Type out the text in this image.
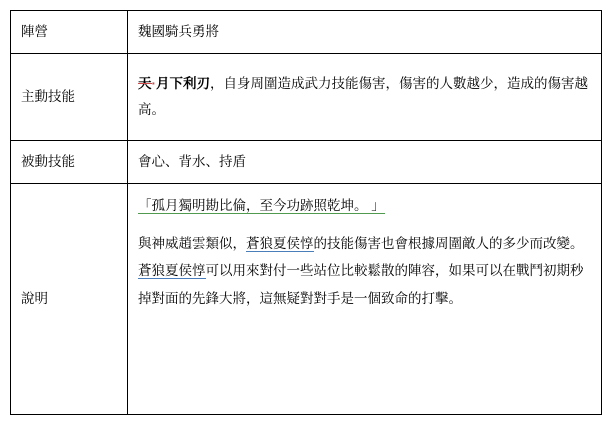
陣營	魏國騎兵勇將
主動技能	天·月下利刃，自身周圍造成武力技能傷害，傷害的人數越少，造成的傷害越高。
被動技能	會心、背水、持盾
說明	「孤月獨明勘比倫，至今功跡照乾坤。 」

與神威趙雲類似，蒼狼夏侯惇的技能傷害也會根據周圍敵人的多少而改變。蒼狼夏侯惇可以用來對付一些站位比較鬆散的陣容，如果可以在戰鬥初期秒掉對面的先鋒大將，這無疑對對手是一個致命的打擊。
